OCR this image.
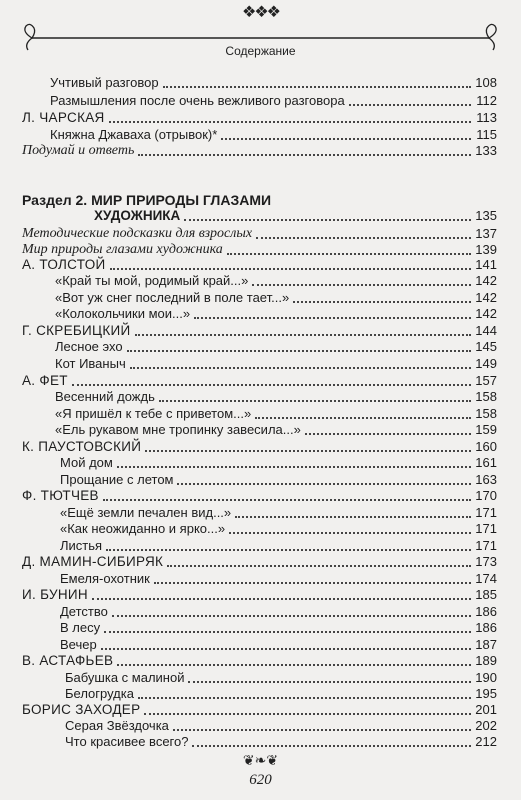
❖❖❖
Содержание
Учтивый разговор	108
Размышления после очень вежливого разговора	112
Л. ЧАРСКАЯ	113
Княжна Джаваха (отрывок)*	115
Подумай и ответь	133
Раздел 2. МИР ПРИРОДЫ ГЛАЗАМИ
ХУДОЖНИКА	135
Методические подсказки для взрослых	137
Мир природы глазами художника	139
А. ТОЛСТОЙ	141
«Край ты мой, родимый край...»	142
«Вот уж снег последний в поле тает...»	142
«Колокольчики мои...»	142
Г. СКРЕБИЦКИЙ	144
Лесное эхо	145
Кот Иваныч	149
А. ФЕТ	157
Весенний дождь	158
«Я пришёл к тебе с приветом...»	158
«Ель рукавом мне тропинку завесила...»	159
К. ПАУСТОВСКИЙ	160
Мой дом	161
Прощание с летом	163
Ф. ТЮТЧЕВ	170
«Ещё земли печален вид...»	171
«Как неожиданно и ярко...»	171
Листья	171
Д. МАМИН-СИБИРЯК	173
Емеля-охотник	174
И. БУНИН	185
Детство	186
В лесу	186
Вечер	187
В. АСТАФЬЕВ	189
Бабушка с малиной	190
Белогрудка	195
БОРИС ЗАХОДЕР	201
Серая Звёздочка	202
Что красивее всего?	212
❦❧❦
620
